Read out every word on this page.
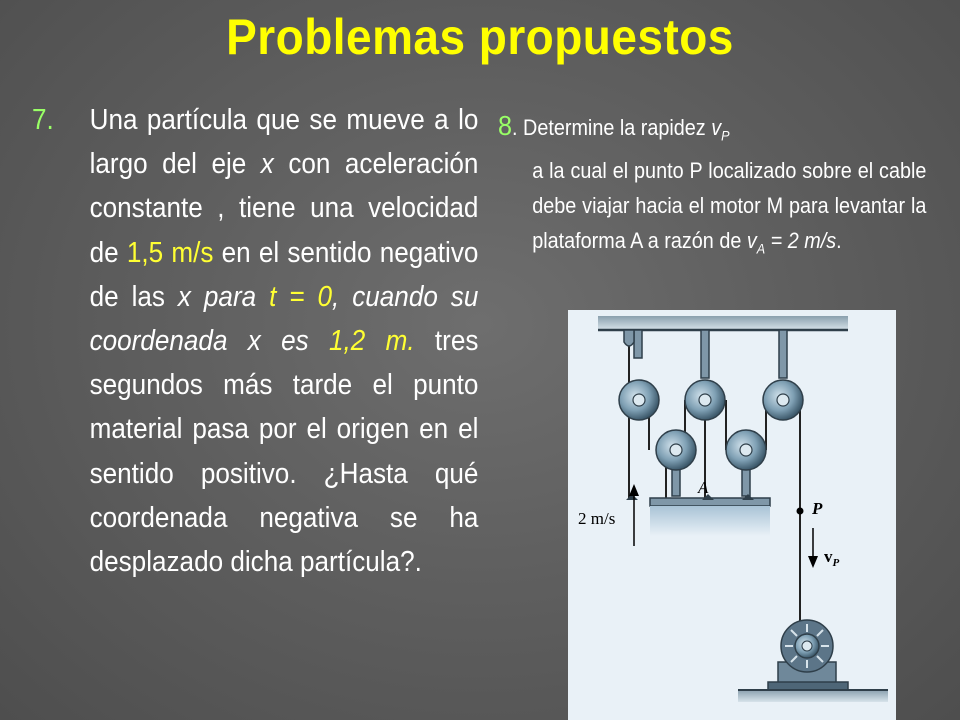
Problemas propuestos
7. Una partícula que se mueve a lo largo del eje x con aceleración constante , tiene una velocidad de 1,5 m/s en el sentido negativo de las x para t = 0, cuando su coordenada x es 1,2 m. tres segundos más tarde el punto material pasa por el origen en el sentido positivo. ¿Hasta qué coordenada negativa se ha desplazado dicha partícula?.
8. Determine la rapidez $v_P$
a la cual el punto P localizado sobre el cable debe viajar hacia el motor M para levantar la plataforma A a razón de $v_A = 2$ m/s.
A
2 m/s
P
$v_P$
